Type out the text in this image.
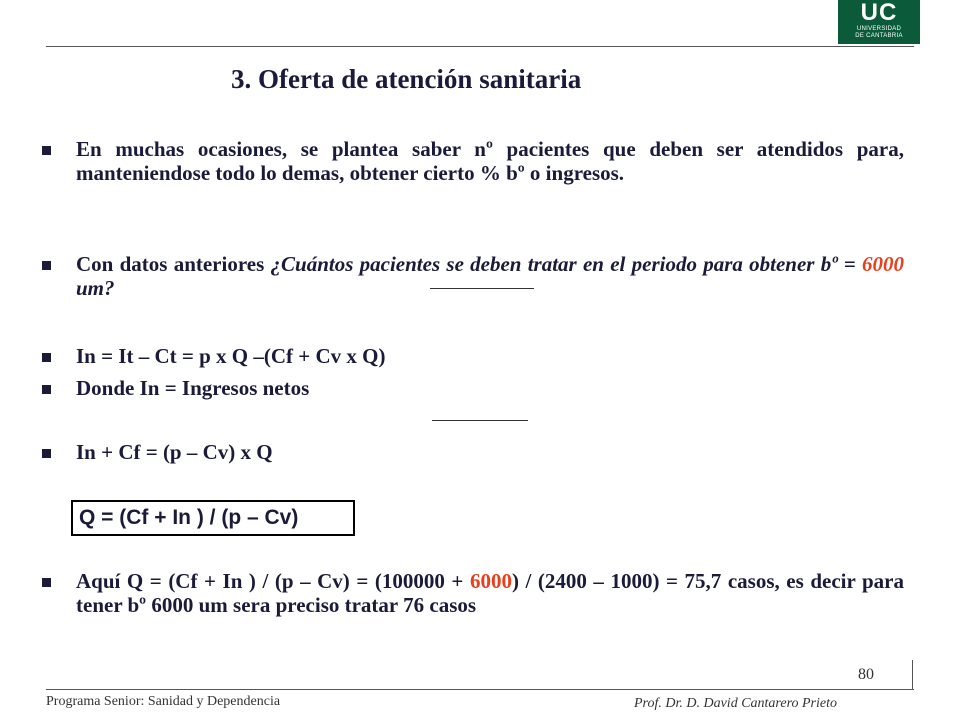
UC
UNIVERSIDAD
DE CANTABRIA
3. Oferta de atención sanitaria

En muchas ocasiones, se plantea saber nº pacientes que deben ser atendidos para, manteniendose todo lo demas, obtener cierto % bº o ingresos.

Con datos anteriores ¿Cuántos pacientes se deben tratar en el periodo para obtener bº = 6000 um?

In = It – Ct = p x Q –(Cf + Cv x Q)

Donde In = Ingresos netos

In + Cf = (p – Cv) x Q

Q = (Cf + In ) / (p – Cv)

Aquí Q = (Cf + In ) / (p – Cv) = (100000 + 6000) / (2400 – 1000) = 75,7 casos, es decir para tener bº 6000 um sera preciso tratar 76 casos

80
Programa Senior: Sanidad y Dependencia	Prof. Dr. D. David Cantarero Prieto
